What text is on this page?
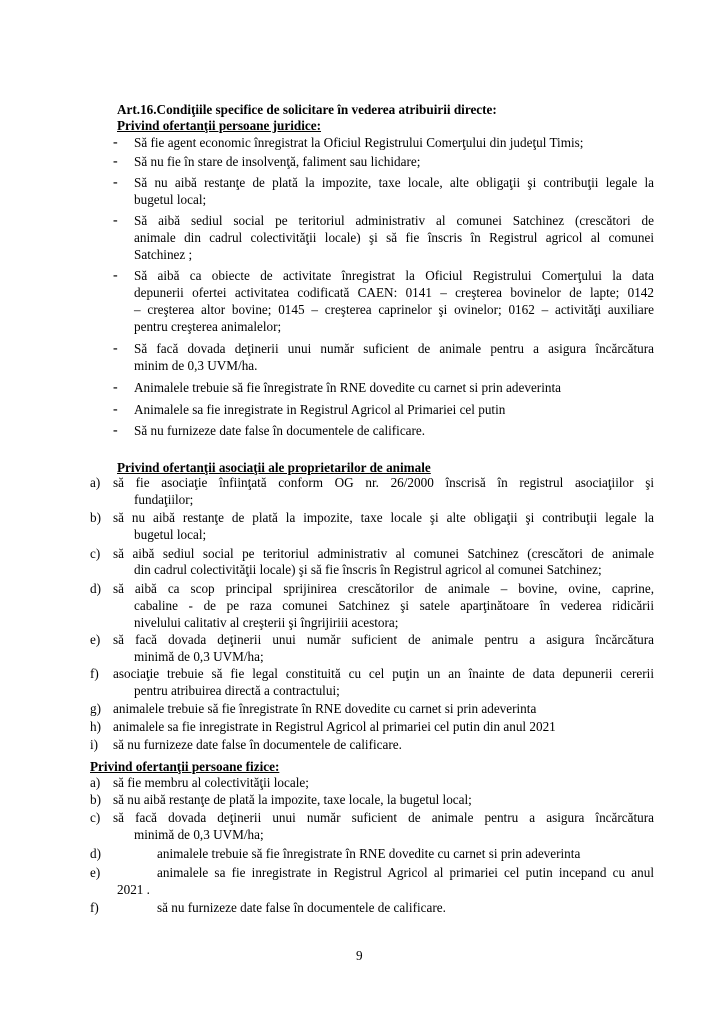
Art.16.Condiţiile specifice de solicitare în vederea atribuirii directe:
Privind ofertanţii persoane juridice:
- Să fie agent economic înregistrat la Oficiul Registrului Comerţului din judeţul Timis;
- Să nu fie în stare de insolvenţă, faliment sau lichidare;
- Să nu aibă restanţe de plată la impozite, taxe locale, alte obligaţii şi contribuţii legale la
bugetul local;
- Să aibă sediul social pe teritoriul administrativ al comunei Satchinez (crescători de
animale din cadrul colectivităţii locale) şi să fie înscris în Registrul agricol al comunei
Satchinez ;
- Să aibă ca obiecte de activitate înregistrat la Oficiul Registrului Comerţului la data
depunerii ofertei activitatea codificată CAEN: 0141 – creşterea bovinelor de lapte; 0142
– creşterea altor bovine; 0145 – creşterea caprinelor şi ovinelor; 0162 – activităţi auxiliare
pentru creşterea animalelor;
- Să facă dovada deţinerii unui număr suficient de animale pentru a asigura încărcătura
minim de 0,3 UVM/ha.
- Animalele trebuie să fie înregistrate în RNE dovedite cu carnet si prin adeverinta
- Animalele sa fie inregistrate in Registrul Agricol al Primariei cel putin
- Să nu furnizeze date false în documentele de calificare.
Privind ofertanţii asociaţii ale proprietarilor de animale
a) să fie asociaţie înfiinţată conform OG nr. 26/2000 înscrisă în registrul asociaţiilor şi
fundaţiilor;
b) să nu aibă restanţe de plată la impozite, taxe locale şi alte obligaţii şi contribuţii legale la
bugetul local;
c) să aibă sediul social pe teritoriul administrativ al comunei Satchinez (crescători de animale
din cadrul colectivităţii locale) şi să fie înscris în Registrul agricol al comunei Satchinez;
d) să aibă ca scop principal sprijinirea crescătorilor de animale – bovine, ovine, caprine,
cabaline - de pe raza comunei Satchinez şi satele aparţinătoare în vederea ridicării
nivelului calitativ al creşterii şi îngrijiriii acestora;
e) să facă dovada deţinerii unui număr suficient de animale pentru a asigura încărcătura
minimă de 0,3 UVM/ha;
f) asociaţie trebuie să fie legal constituită cu cel puţin un an înainte de data depunerii cererii
pentru atribuirea directă a contractului;
g) animalele trebuie să fie înregistrate în RNE dovedite cu carnet si prin adeverinta
h) animalele sa fie inregistrate in Registrul Agricol al primariei cel putin din anul 2021
i) să nu furnizeze date false în documentele de calificare.
Privind ofertanţii persoane fizice:
a) să fie membru al colectivităţii locale;
b) să nu aibă restanţe de plată la impozite, taxe locale, la bugetul local;
c) să facă dovada deţinerii unui număr suficient de animale pentru a asigura încărcătura
minimă de 0,3 UVM/ha;
d)	animalele trebuie să fie înregistrate în RNE dovedite cu carnet si prin adeverinta
e)	animalele sa fie inregistrate in Registrul Agricol al primariei cel putin incepand cu anul
2021 .
f)	să nu furnizeze date false în documentele de calificare.
9
